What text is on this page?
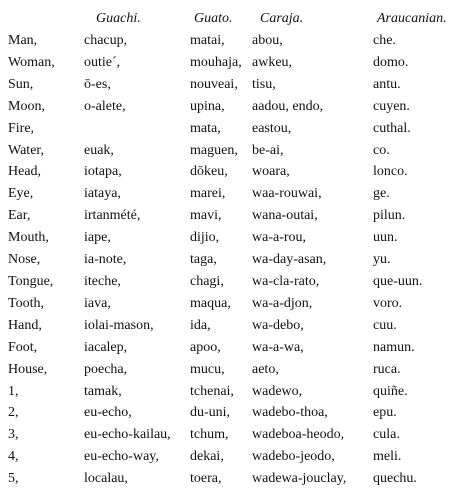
	Guachi.	Guato.	Caraja.	Araucanian.
Man,	chacup,	matai,	abou,	che.
Woman,	outie´,	mouhaja,	awkeu,	domo.
Sun,	ō-es,	nouveai,	tisu,	antu.
Moon,	o-alete,	upina,	aadou, endo,	cuyen.
Fire,		mata,	eastou,	cuthal.
Water,	euak,	maguen,	be-ai,	co.
Head,	iotapa,	dōkeu,	woara,	lonco.
Eye,	iataya,	marei,	waa-rouwai,	ge.
Ear,	irtanmété,	mavi,	wana-outai,	pilun.
Mouth,	iape,	dijio,	wa-a-rou,	uun.
Nose,	ia-note,	taga,	wa-day-asan,	yu.
Tongue,	iteche,	chagi,	wa-cla-rato,	que-uun.
Tooth,	iava,	maqua,	wa-a-djon,	voro.
Hand,	iolai-mason,	ida,	wa-debo,	cuu.
Foot,	iacalep,	apoo,	wa-a-wa,	namun.
House,	poecha,	mucu,	aeto,	ruca.
1,	tamak,	tchenai,	wadewo,	quiñe.
2,	eu-echo,	du-uni,	wadebo-thoa,	epu.
3,	eu-echo-kailau,	tchum,	wadeboa-heodo,	cula.
4,	eu-echo-way,	dekai,	wadebo-jeodo,	meli.
5,	localau,	toera,	wadewa-jouclay,	quechu.
